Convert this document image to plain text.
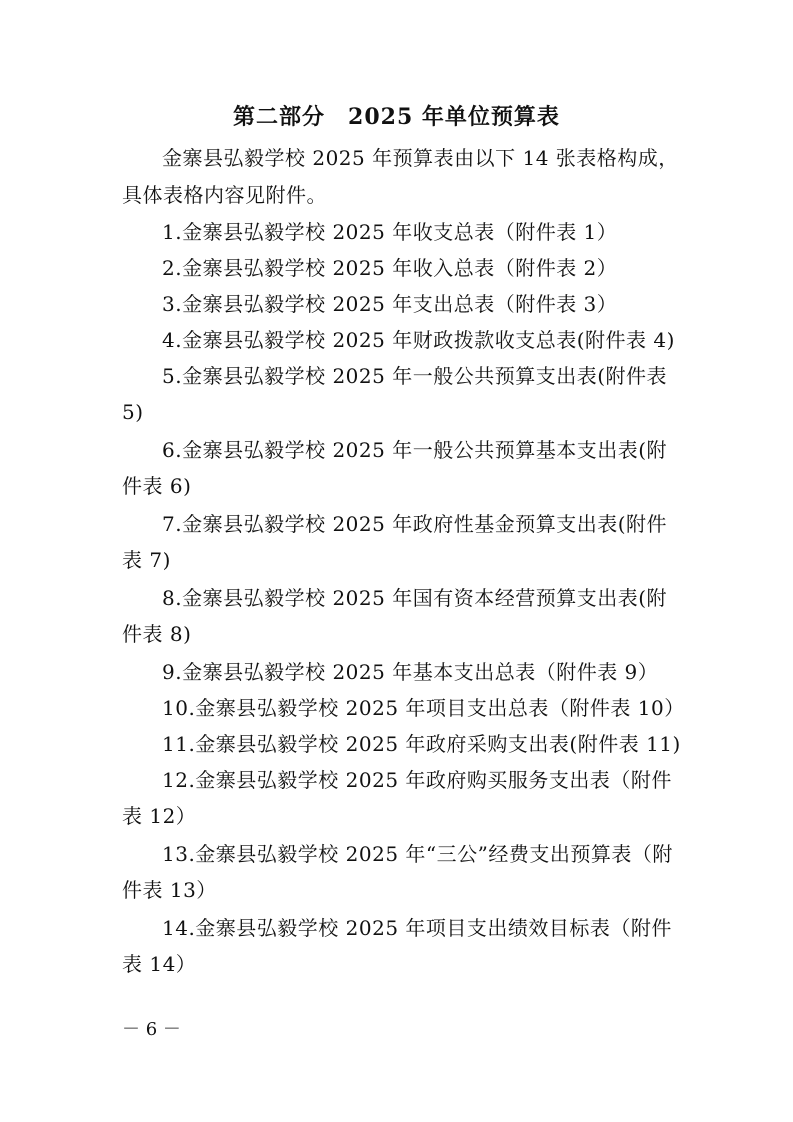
第二部分　2025 年单位预算表

金寨县弘毅学校 2025 年预算表由以下 14 张表格构成，具体表格内容见附件。

1.金寨县弘毅学校 2025 年收支总表（附件表 1）
2.金寨县弘毅学校 2025 年收入总表（附件表 2）
3.金寨县弘毅学校 2025 年支出总表（附件表 3）
4.金寨县弘毅学校 2025 年财政拨款收支总表(附件表 4)
5.金寨县弘毅学校 2025 年一般公共预算支出表(附件表 5)
6.金寨县弘毅学校 2025 年一般公共预算基本支出表(附件表 6)
7.金寨县弘毅学校 2025 年政府性基金预算支出表(附件表 7)
8.金寨县弘毅学校 2025 年国有资本经营预算支出表(附件表 8)
9.金寨县弘毅学校 2025 年基本支出总表（附件表 9）
10.金寨县弘毅学校 2025 年项目支出总表（附件表 10）
11.金寨县弘毅学校 2025 年政府采购支出表(附件表 11)
12.金寨县弘毅学校 2025 年政府购买服务支出表（附件表 12）
13.金寨县弘毅学校 2025 年“三公”经费支出预算表（附件表 13）
14.金寨县弘毅学校 2025 年项目支出绩效目标表（附件表 14）
－ 6 －
